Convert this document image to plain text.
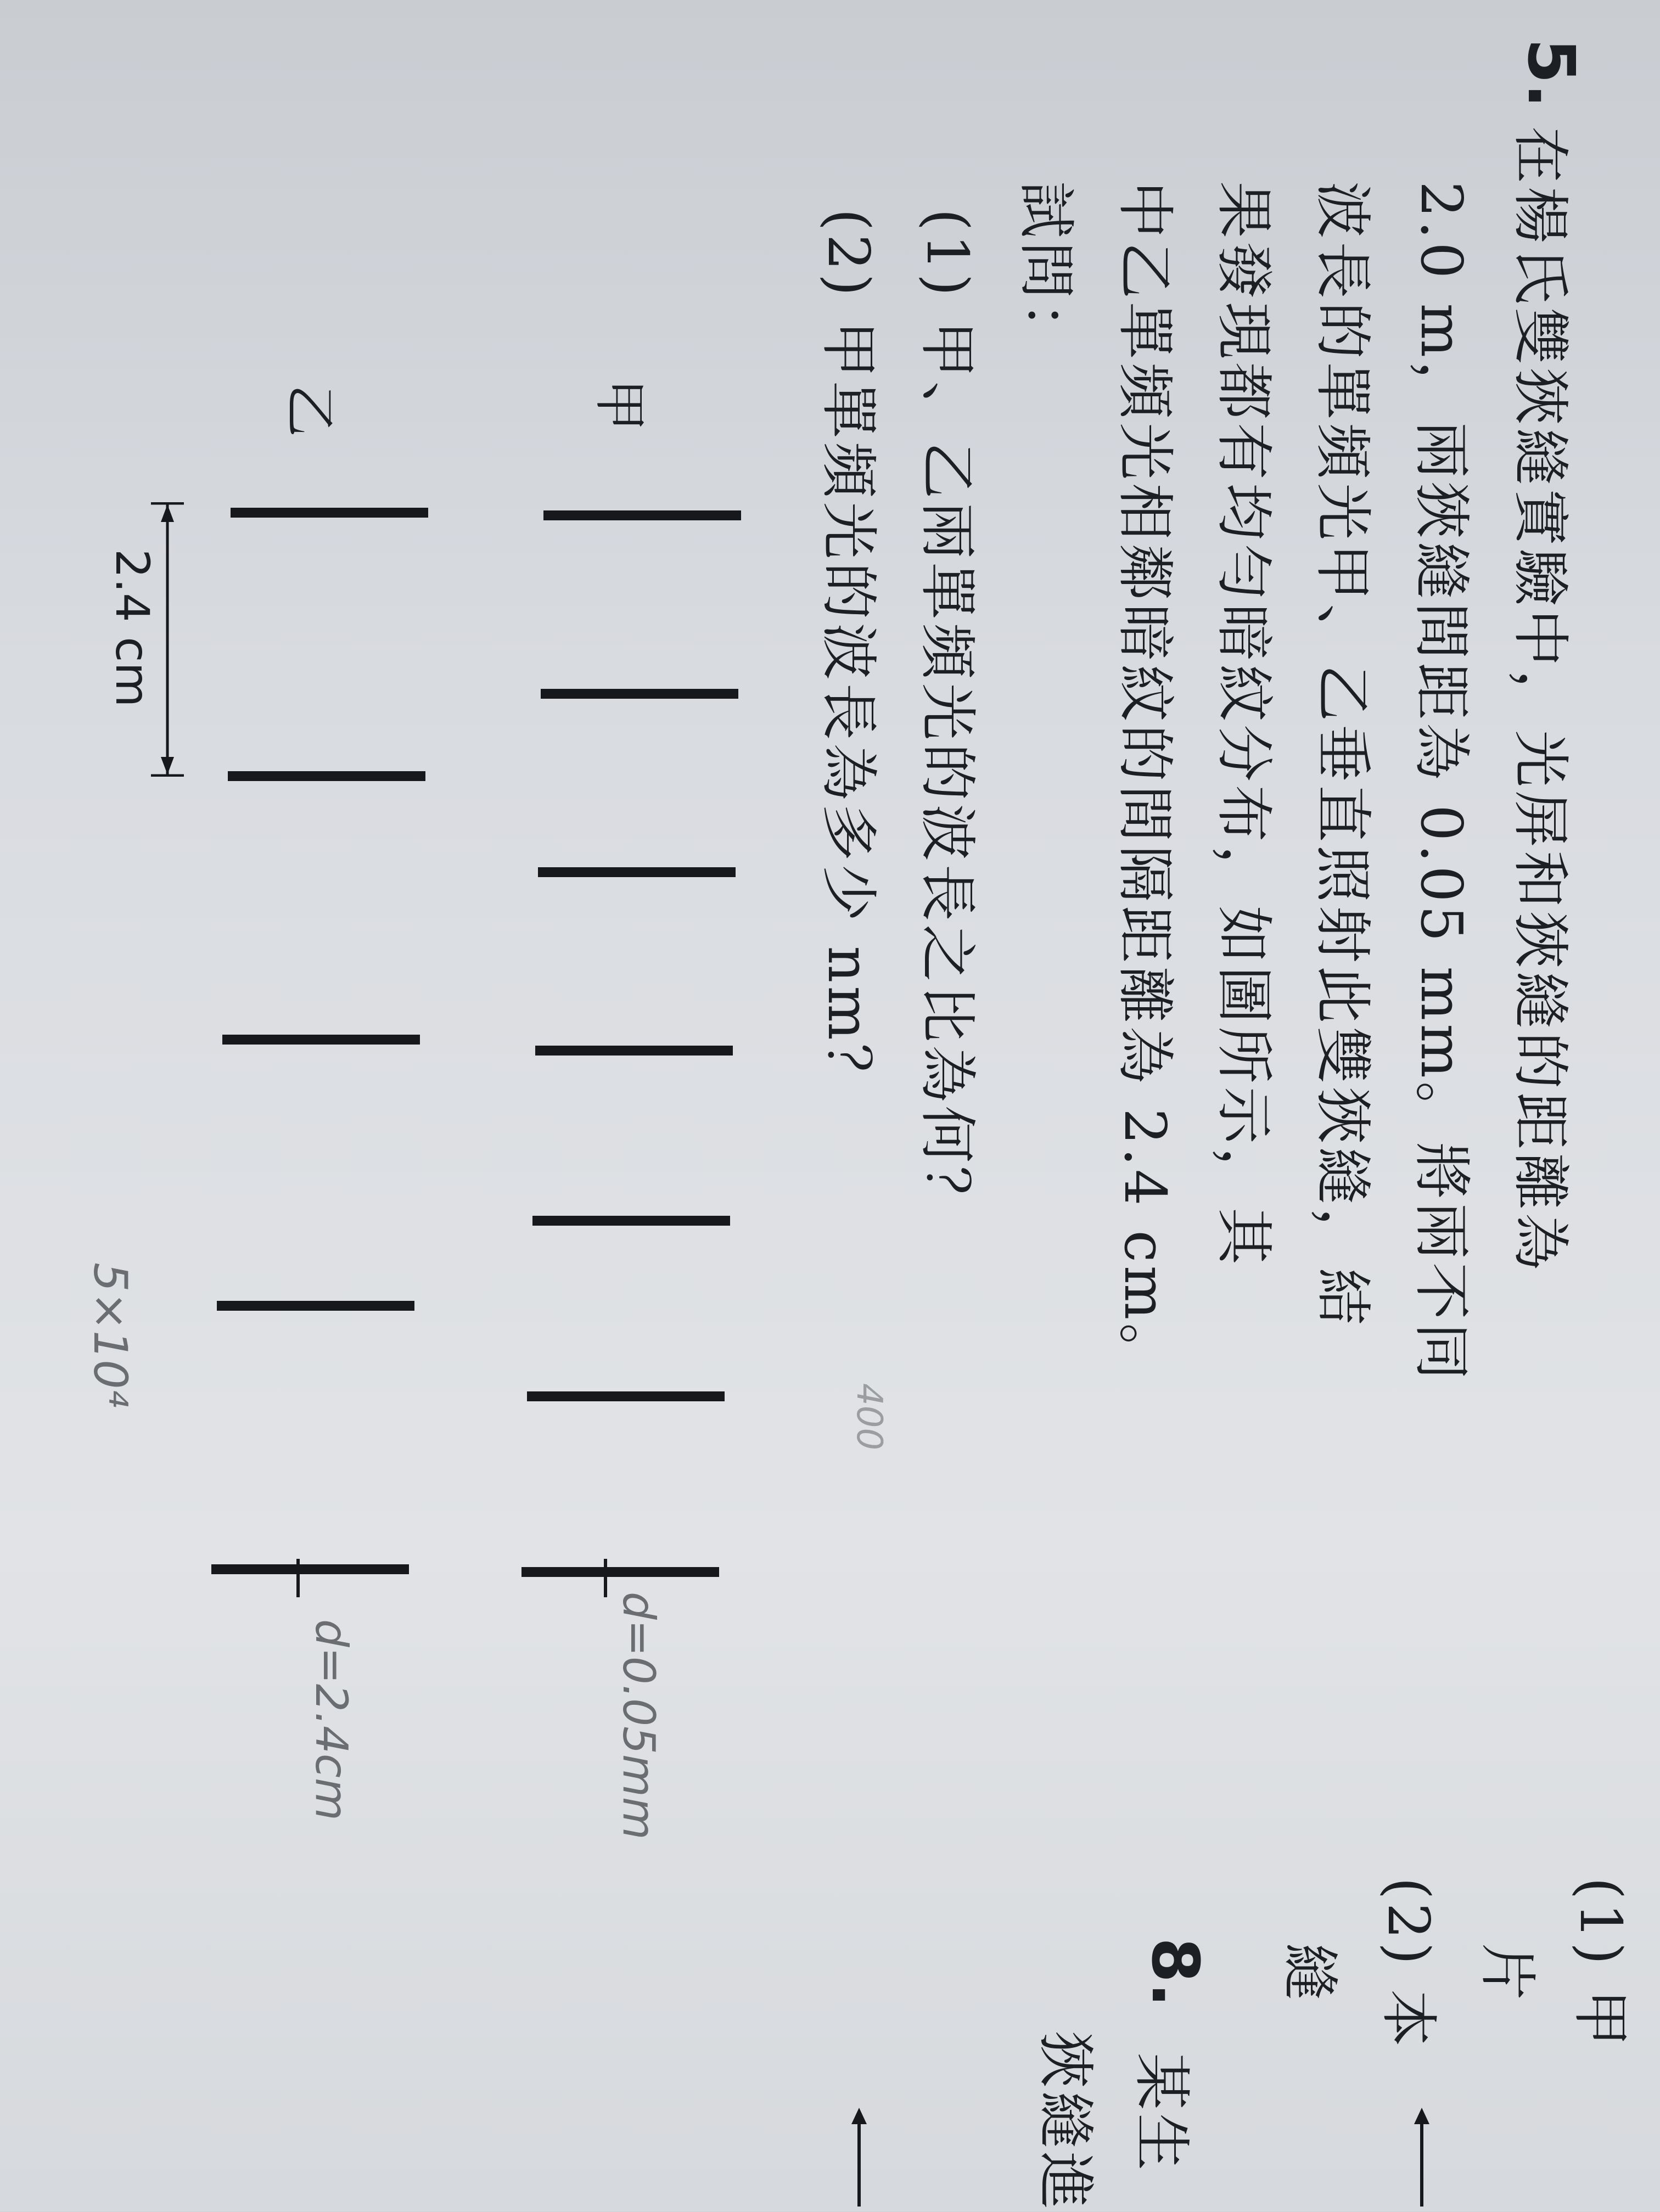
5.
在楊氏雙狹縫實驗中，光屏和狹縫的距離為
2.0 m，兩狹縫間距為 0.05 mm。將兩不同
波長的單頻光甲、乙垂直照射此雙狹縫，結
果發現都有均勻暗紋分布，如圖所示，其
中乙單頻光相鄰暗紋的間隔距離為 2.4 cm。
試問：
(1) 甲、乙兩單頻光的波長之比為何？
(2) 甲單頻光的波長為多少 nm？
甲
乙
2.4 cm
d=0.05mm
d=2.4cm
5×10⁴
400
(1) 甲
片
(2) 本
縫
8.
某生
狹縫進
